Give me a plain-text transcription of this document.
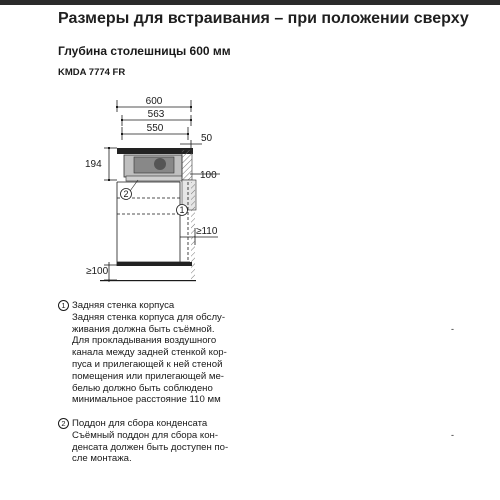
Размеры для встраивания – при положении сверху
Глубина столешницы 600 мм
KMDA 7774 FR
1
2
600
563
550
50
194
100
≥110
≥100
1 Задняя стенка корпуса
Задняя стенка корпуса для обслу-
живания должна быть съёмной.
Для прокладывания воздушного
канала между задней стенкой кор-
пуса и прилегающей к ней стеной
помещения или прилегающей ме-
белью должно быть соблюдено
минимальное расстояние 110 мм
2 Поддон для сбора конденсата
Съёмный поддон для сбора кон-
денсата должен быть доступен по-
сле монтажа.
-
-
